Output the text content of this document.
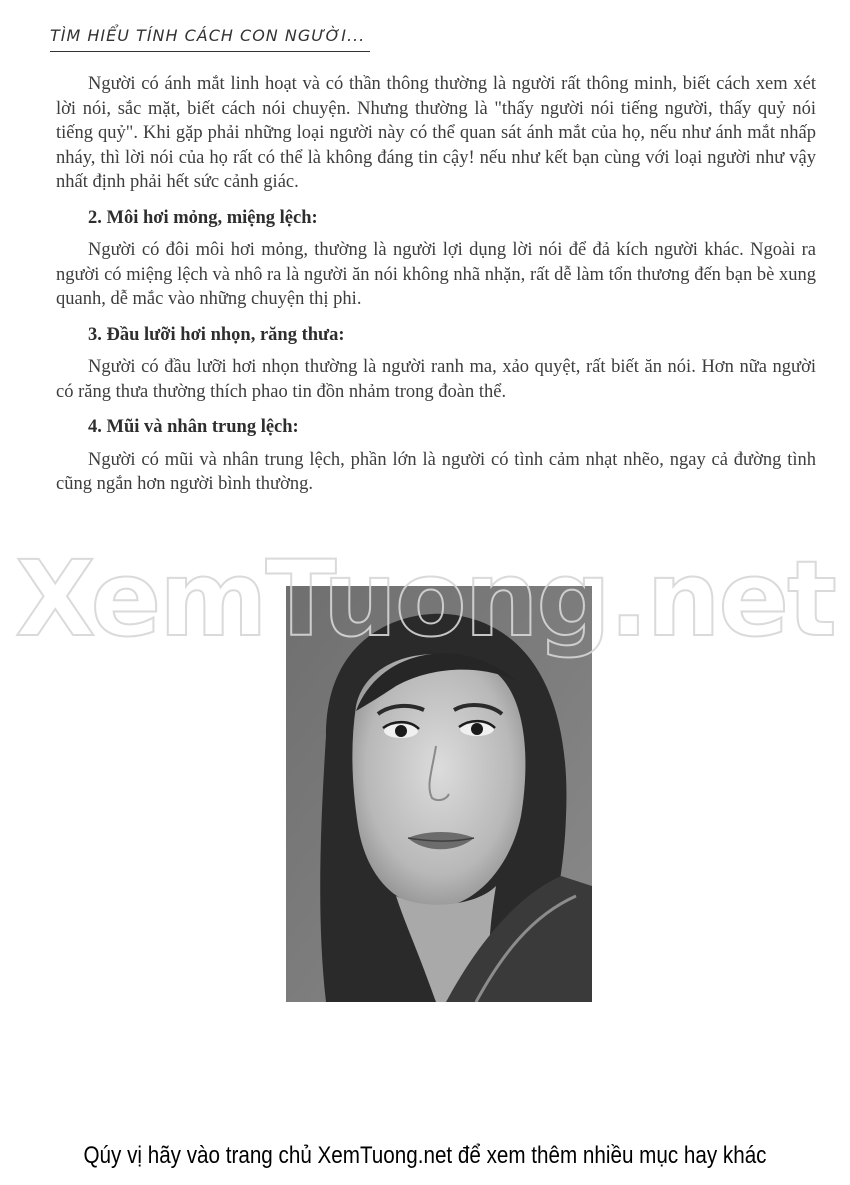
TÌM HIỂU TÍNH CÁCH CON NGƯỜI...

Người có ánh mắt linh hoạt và có thần thông thường là người rất thông minh, biết cách xem xét lời nói, sắc mặt, biết cách nói chuyện. Nhưng thường là "thấy người nói tiếng người, thấy quỷ nói tiếng quỷ". Khi gặp phải những loại người này có thể quan sát ánh mắt của họ, nếu như ánh mắt nhấp nháy, thì lời nói của họ rất có thể là không đáng tin cậy! nếu như kết bạn cùng với loại người như vậy nhất định phải hết sức cảnh giác.

2. Môi hơi mỏng, miệng lệch:

Người có đôi môi hơi mỏng, thường là người lợi dụng lời nói để đả kích người khác. Ngoài ra người có miệng lệch và nhô ra là người ăn nói không nhã nhặn, rất dễ làm tổn thương đến bạn bè xung quanh, dễ mắc vào những chuyện thị phi.

3. Đầu lưỡi hơi nhọn, răng thưa:

Người có đầu lưỡi hơi nhọn thường là người ranh ma, xảo quyệt, rất biết ăn nói. Hơn nữa người có răng thưa thường thích phao tin đồn nhảm trong đoàn thể.

4. Mũi và nhân trung lệch:

Người có mũi và nhân trung lệch, phần lớn là người có tình cảm nhạt nhẽo, ngay cả đường tình cũng ngắn hơn người bình thường.

XemTuong.net
Qúy vị hãy vào trang chủ XemTuong.net để xem thêm nhiều mục hay khác
